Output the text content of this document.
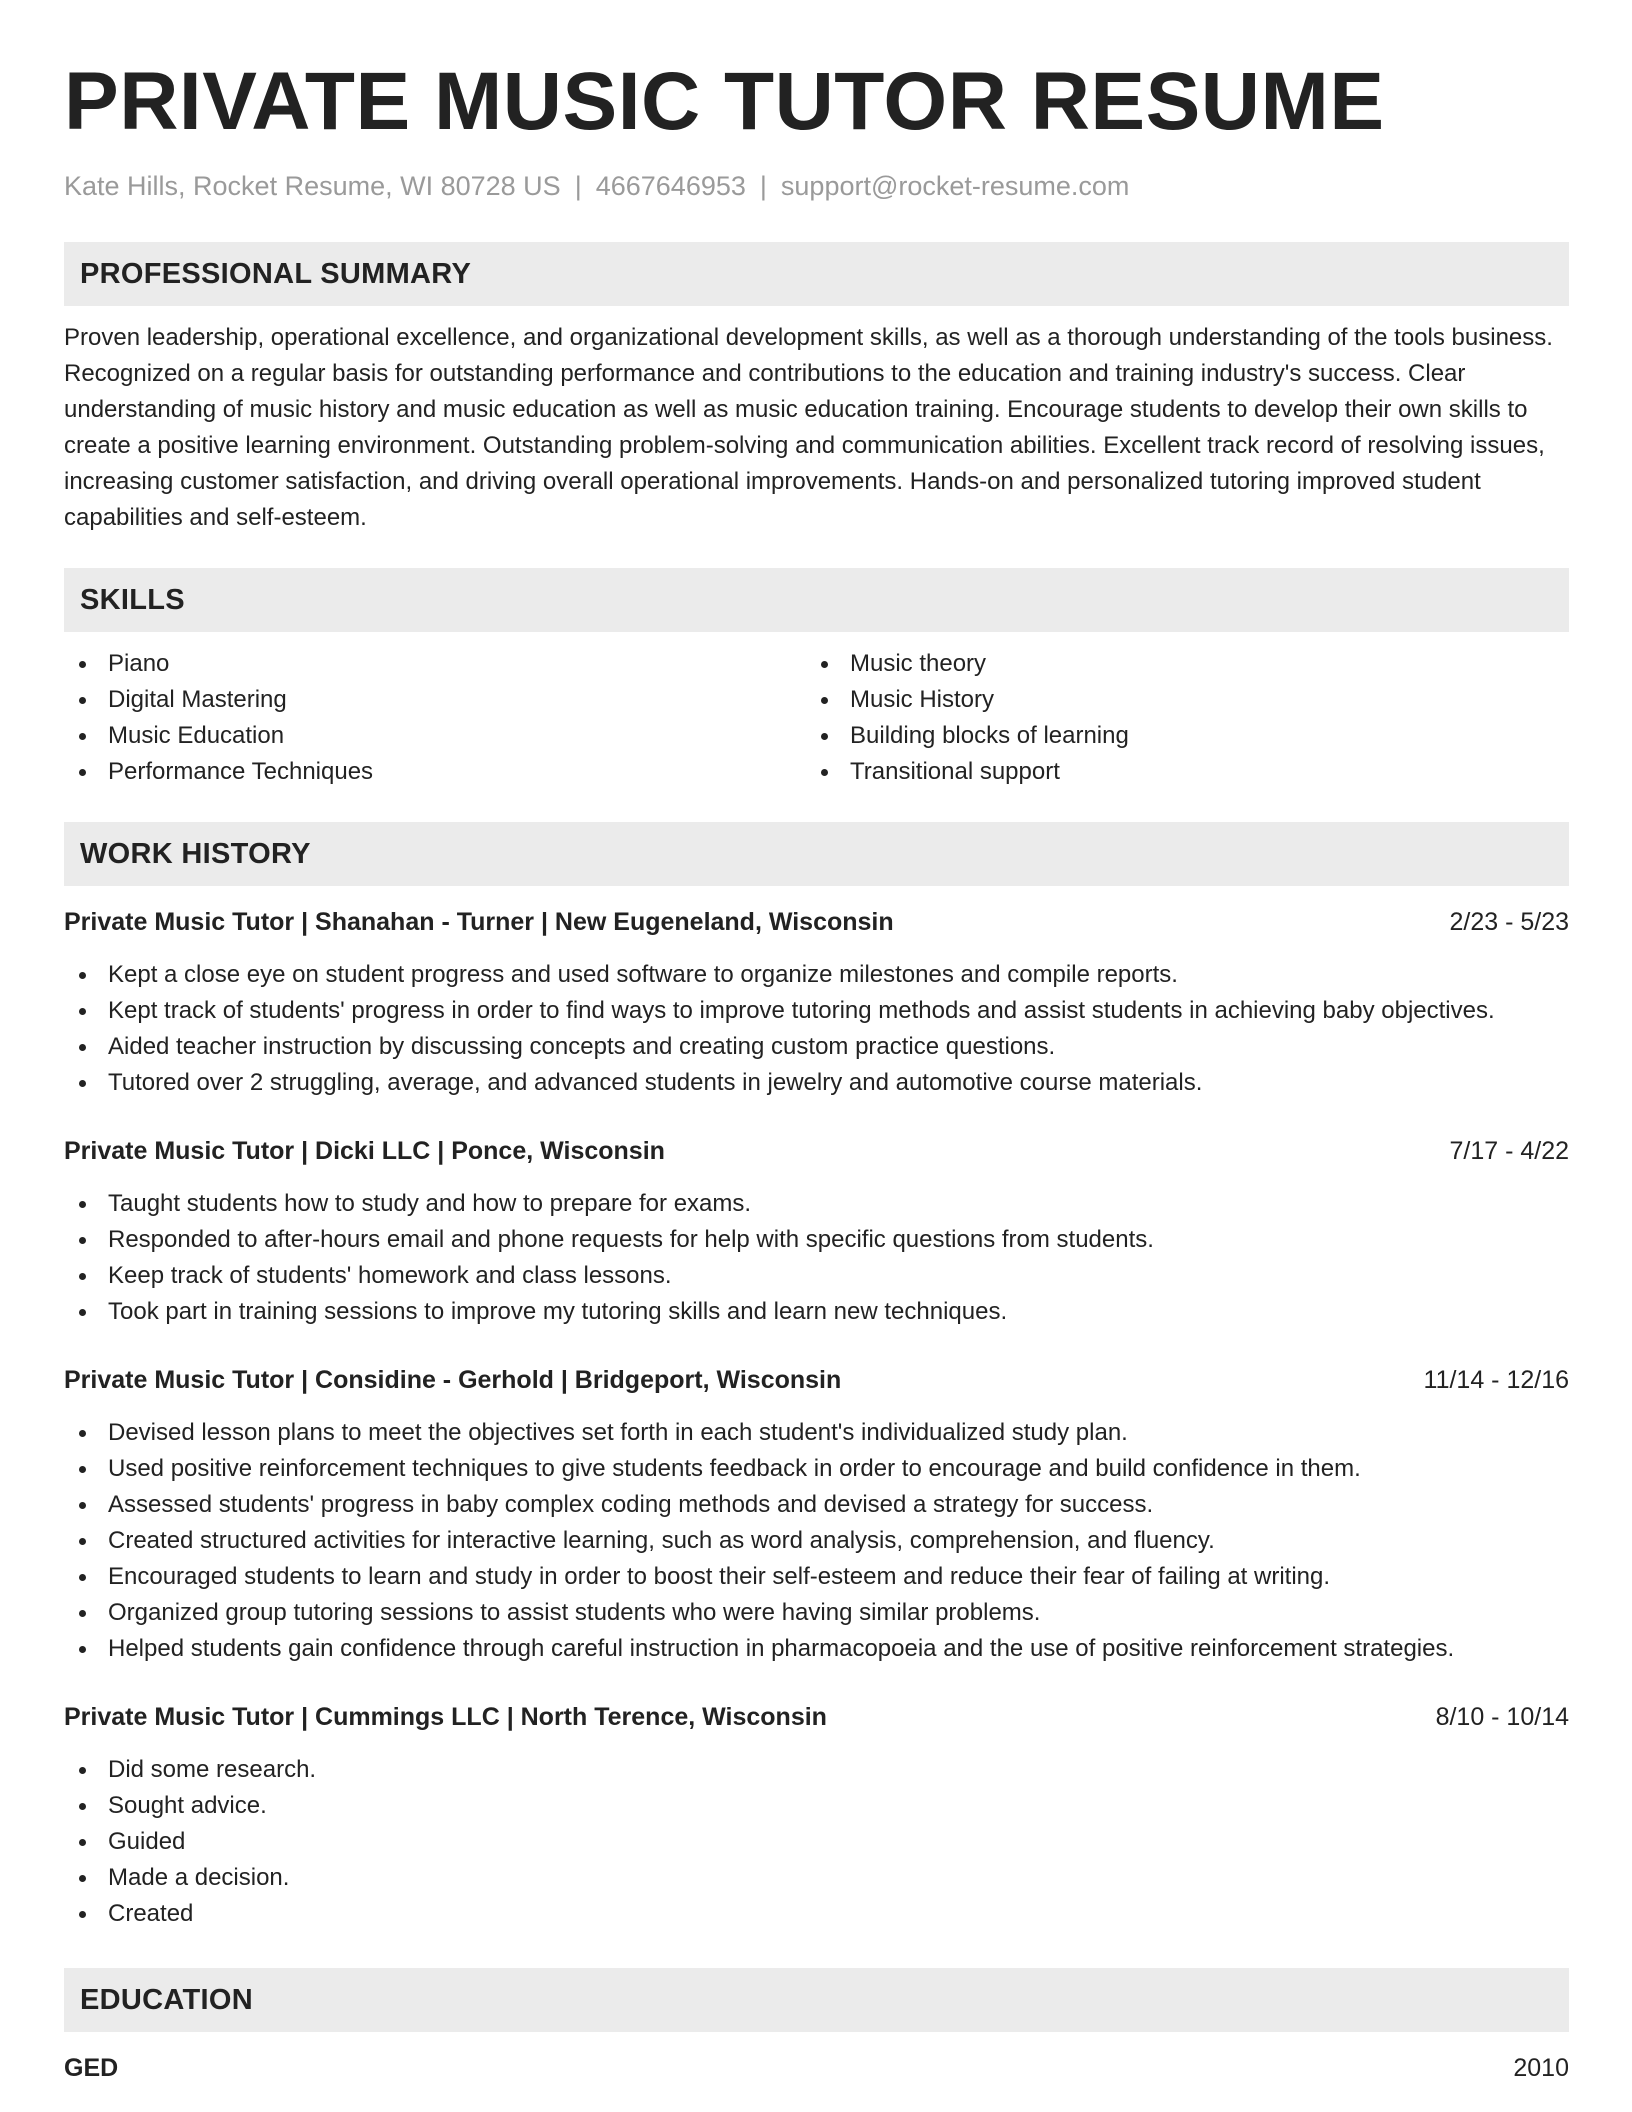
PRIVATE MUSIC TUTOR RESUME
Kate Hills, Rocket Resume, WI 80728 US | 4667646953 | support@rocket-resume.com
PROFESSIONAL SUMMARY

Proven leadership, operational excellence, and organizational development skills, as well as a thorough understanding of the tools business. Recognized on a regular basis for outstanding performance and contributions to the education and training industry's success. Clear understanding of music history and music education as well as music education training. Encourage students to develop their own skills to create a positive learning environment. Outstanding problem-solving and communication abilities. Excellent track record of resolving issues, increasing customer satisfaction, and driving overall operational improvements. Hands-on and personalized tutoring improved student capabilities and self-esteem.

SKILLS
Piano
Digital Mastering
Music Education
Performance Techniques
Music theory
Music History
Building blocks of learning
Transitional support
WORK HISTORY
Private Music Tutor | Shanahan - Turner | New Eugeneland, Wisconsin	2/23 - 5/23
Kept a close eye on student progress and used software to organize milestones and compile reports.
Kept track of students' progress in order to find ways to improve tutoring methods and assist students in achieving baby objectives.
Aided teacher instruction by discussing concepts and creating custom practice questions.
Tutored over 2 struggling, average, and advanced students in jewelry and automotive course materials.
Private Music Tutor | Dicki LLC | Ponce, Wisconsin	7/17 - 4/22
Taught students how to study and how to prepare for exams.
Responded to after-hours email and phone requests for help with specific questions from students.
Keep track of students' homework and class lessons.
Took part in training sessions to improve my tutoring skills and learn new techniques.
Private Music Tutor | Considine - Gerhold | Bridgeport, Wisconsin	11/14 - 12/16
Devised lesson plans to meet the objectives set forth in each student's individualized study plan.
Used positive reinforcement techniques to give students feedback in order to encourage and build confidence in them.
Assessed students' progress in baby complex coding methods and devised a strategy for success.
Created structured activities for interactive learning, such as word analysis, comprehension, and fluency.
Encouraged students to learn and study in order to boost their self-esteem and reduce their fear of failing at writing.
Organized group tutoring sessions to assist students who were having similar problems.
Helped students gain confidence through careful instruction in pharmacopoeia and the use of positive reinforcement strategies.
Private Music Tutor | Cummings LLC | North Terence, Wisconsin	8/10 - 10/14
Did some research.
Sought advice.
Guided
Made a decision.
Created
EDUCATION
GED	2010
